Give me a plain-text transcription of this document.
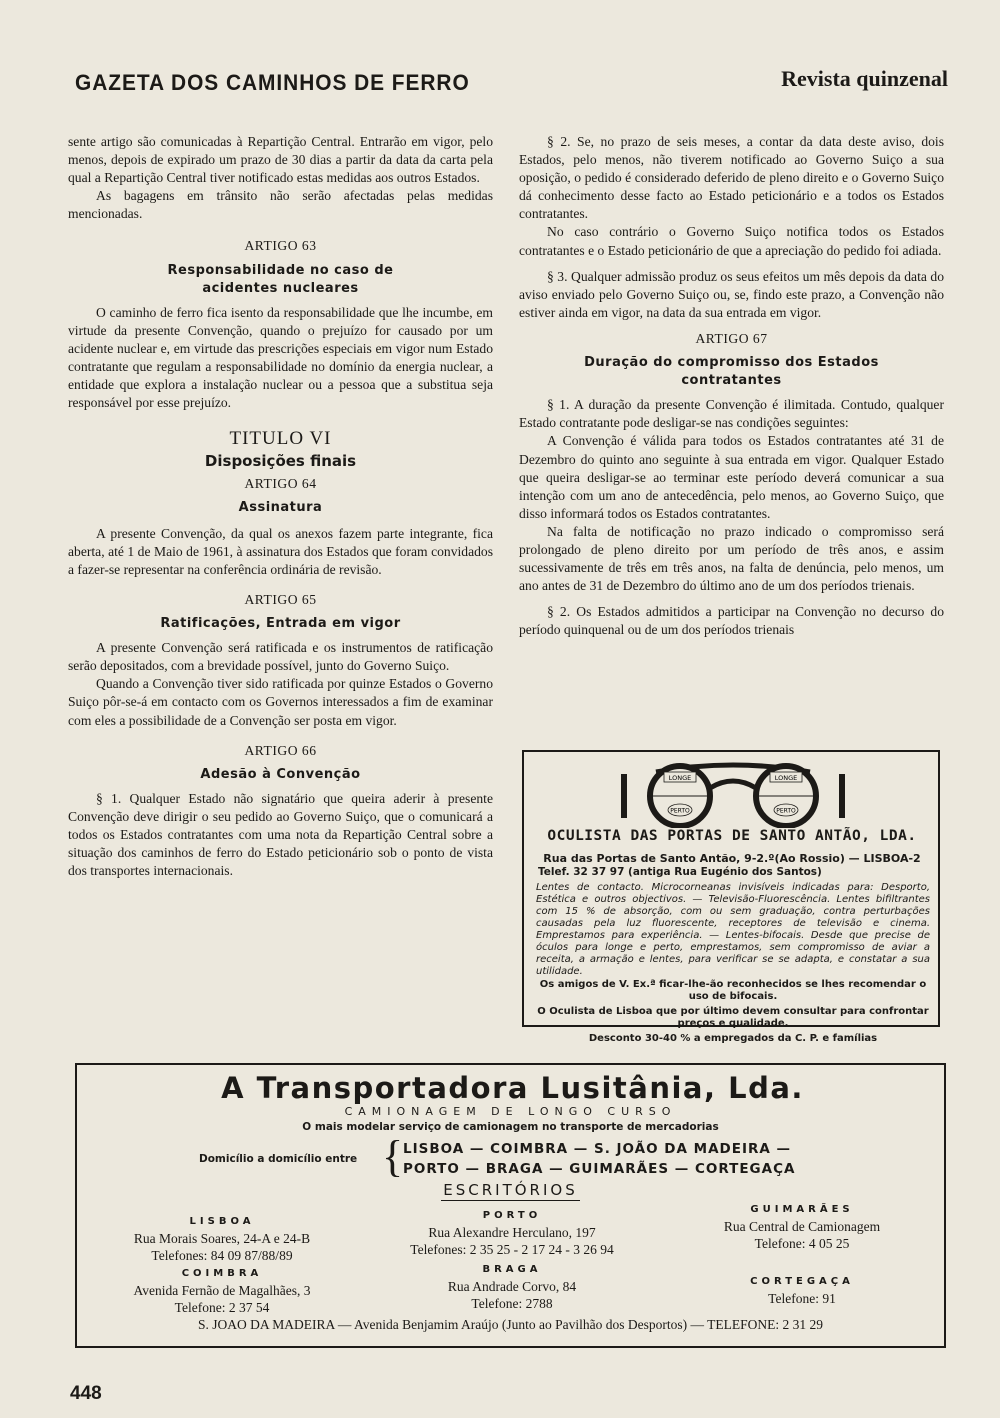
GAZETA DOS CAMINHOS DE FERRO	Revista quinzenal

sente artigo são comunicadas à Repartição Central. Entrarão em vigor, pelo menos, depois de expirado um prazo de 30 dias a partir da data da carta pela qual a Repartição Central tiver notificado estas medidas aos outros Estados.

As bagagens em trânsito não serão afectadas pelas medidas mencionadas.

ARTIGO 63

Responsabilidade no caso de acidentes nucleares

O caminho de ferro fica isento da responsabilidade que lhe incumbe, em virtude da presente Convenção, quando o prejuízo for causado por um acidente nuclear e, em virtude das prescrições especiais em vigor num Estado contratante que regulam a responsabilidade no domínio da energia nuclear, a entidade que explora a instalação nuclear ou a pessoa que a substitua seja responsável por esse prejuízo.

TITULO VI

Disposições finais

ARTIGO 64

Assinatura

A presente Convenção, da qual os anexos fazem parte integrante, fica aberta, até 1 de Maio de 1961, à assinatura dos Estados que foram convidados a fazer-se representar na conferência ordinária de revisão.

ARTIGO 65

Ratificações, Entrada em vigor

A presente Convenção será ratificada e os instrumentos de ratificação serão depositados, com a brevidade possível, junto do Governo Suiço.

Quando a Convenção tiver sido ratificada por quinze Estados o Governo Suiço pôr-se-á em contacto com os Governos interessados a fim de examinar com eles a possibilidade de a Convenção ser posta em vigor.

ARTIGO 66

Adesão à Convenção

§ 1. Qualquer Estado não signatário que queira aderir à presente Convenção deve dirigir o seu pedido ao Governo Suiço, que o comunicará a todos os Estados contratantes com uma nota da Repartição Central sobre a situação dos caminhos de ferro do Estado peticionário sob o ponto de vista dos transportes internacionais.

§ 2. Se, no prazo de seis meses, a contar da data deste aviso, dois Estados, pelo menos, não tiverem notificado ao Governo Suiço a sua oposição, o pedido é considerado deferido de pleno direito e o Governo Suiço dá conhecimento desse facto ao Estado peticionário e a todos os Estados contratantes.

No caso contrário o Governo Suiço notifica todos os Estados contratantes e o Estado peticionário de que a apreciação do pedido foi adiada.

§ 3. Qualquer admissão produz os seus efeitos um mês depois da data do aviso enviado pelo Governo Suiço ou, se, findo este prazo, a Convenção não estiver ainda em vigor, na data da sua entrada em vigor.

ARTIGO 67

Duração do compromisso dos Estados contratantes

§ 1. A duração da presente Convenção é ilimitada. Contudo, qualquer Estado contratante pode desligar-se nas condições seguintes:

A Convenção é válida para todos os Estados contratantes até 31 de Dezembro do quinto ano seguinte à sua entrada em vigor. Qualquer Estado que queira desligar-se ao terminar este período deverá comunicar a sua intenção com um ano de antecedência, pelo menos, ao Governo Suiço, que disso informará todos os Estados contratantes.

Na falta de notificação no prazo indicado o compromisso será prolongado de pleno direito por um período de três anos, e assim sucessivamente de três em três anos, na falta de denúncia, pelo menos, um ano antes de 31 de Dezembro do último ano de um dos períodos trienais.

§ 2. Os Estados admitidos a participar na Convenção no decurso do período quinquenal ou de um dos períodos trienais

LONGE	LONGE
PERTO	PERTO
OCULISTA DAS PORTAS DE SANTO ANTÃO, LDA.
Rua das Portas de Santo Antão, 9-2.º(Ao Rossio) — LISBOA-2
Telef. 32 37 97 (antiga Rua Eugénio dos Santos)
Lentes de contacto. Microcorneanas invisíveis indicadas para: Desporto, Estética e outros objectivos. — Televisão-Fluorescência. Lentes bifiltrantes com 15 % de absorção, com ou sem graduação, contra perturbações causadas pela luz fluorescente, receptores de televisão e cinema. Emprestamos para experiência. — Lentes-bifocais. Desde que precise de óculos para longe e perto, emprestamos, sem compromisso de aviar a receita, a armação e lentes, para verificar se se adapta, e constatar a sua utilidade.
Os amigos de V. Ex.ª ficar-lhe-ão reconhecidos se lhes recomendar o uso de bifocais.
O Oculista de Lisboa que por último devem consultar para confrontar preços e qualidade.
Desconto 30-40 % a empregados da C. P. e famílias
A Transportadora Lusitânia, Lda.
CAMIONAGEM DE LONGO CURSO
O mais modelar serviço de camionagem no transporte de mercadorias
Domicílio a domicílio entre { LISBOA — COIMBRA — S. JOÃO DA MADEIRA —
PORTO — BRAGA — GUIMARÃES — CORTEGAÇA
ESCRITÓRIOS
LISBOA
Rua Morais Soares, 24-A e 24-B
Telefones: 84 09 87/88/89
PORTO
Rua Alexandre Herculano, 197
Telefones: 2 35 25 - 2 17 24 - 3 26 94
GUIMARÃES
Rua Central de Camionagem
Telefone: 4 05 25
COIMBRA
Avenida Fernão de Magalhães, 3
Telefone: 2 37 54
BRAGA
Rua Andrade Corvo, 84
Telefone: 2788
CORTEGAÇA
Telefone: 91
S. JOAO DA MADEIRA — Avenida Benjamim Araújo (Junto ao Pavilhão dos Desportos) — TELEFONE: 2 31 29
448
